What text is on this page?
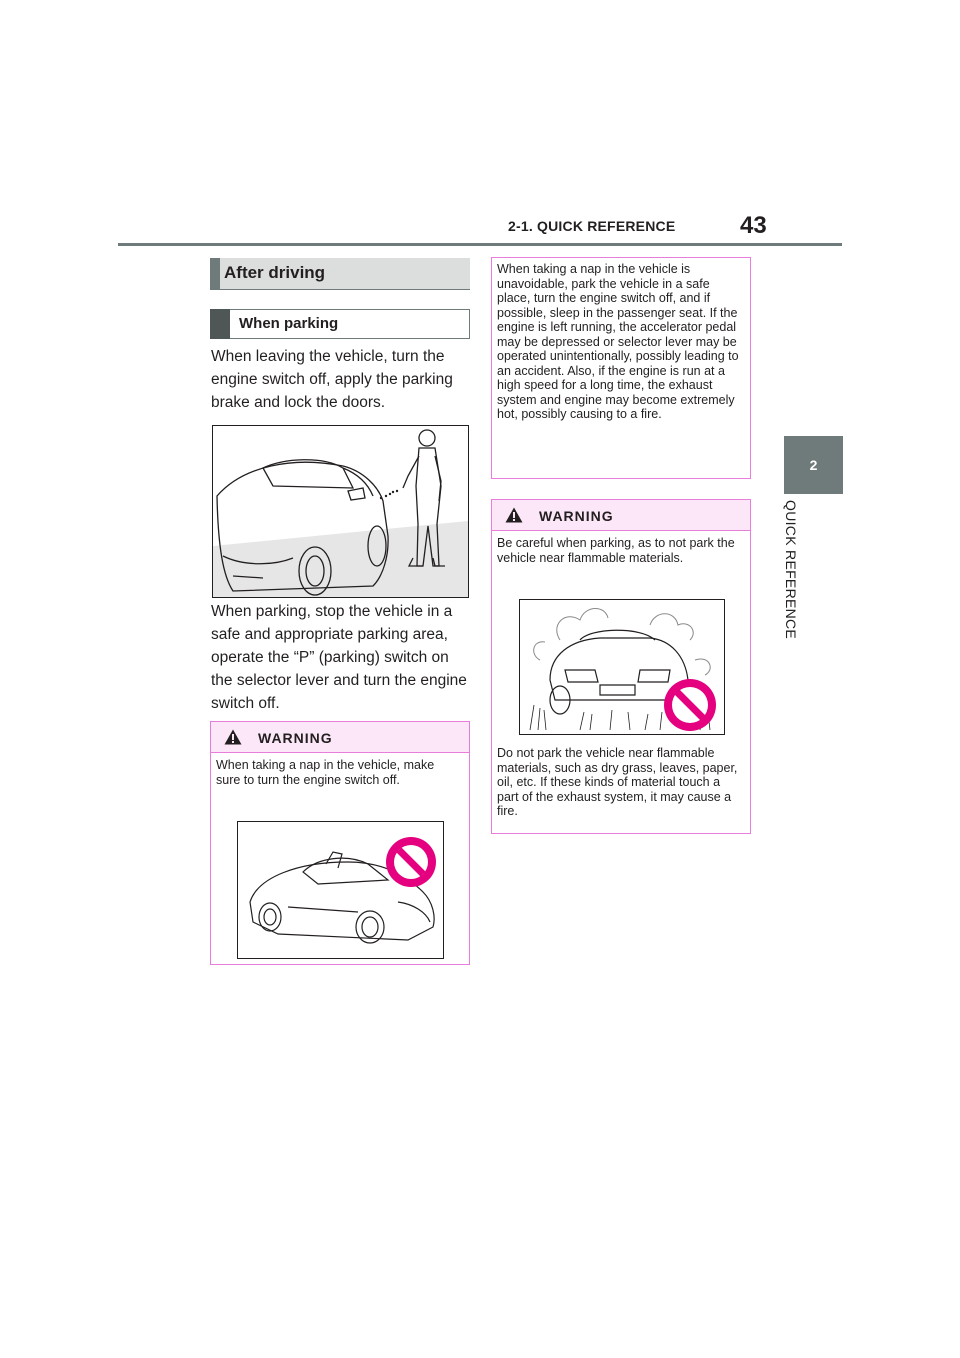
2-1. QUICK REFERENCE	43
2
QUICK REFERENCE
After driving
When parking
When leaving the vehicle, turn the engine switch off, apply the parking brake and lock the doors.
When parking, stop the vehicle in a safe and appropriate parking area, operate the “P” (parking) switch on the selector lever and turn the engine switch off.
WARNING
When taking a nap in the vehicle, make sure to turn the engine switch off.
When taking a nap in the vehicle is unavoidable, park the vehicle in a safe place, turn the engine switch off, and if possible, sleep in the passenger seat. If the engine is left running, the accelerator pedal may be depressed or selector lever may be operated unintentionally, possibly leading to an accident. Also, if the engine is run at a high speed for a long time, the exhaust system and engine may become extremely hot, possibly causing to a fire.
WARNING
Be careful when parking, as to not park the vehicle near flammable materials.
Do not park the vehicle near flammable materials, such as dry grass, leaves, paper, oil, etc. If these kinds of material touch a part of the exhaust system, it may cause a fire.
